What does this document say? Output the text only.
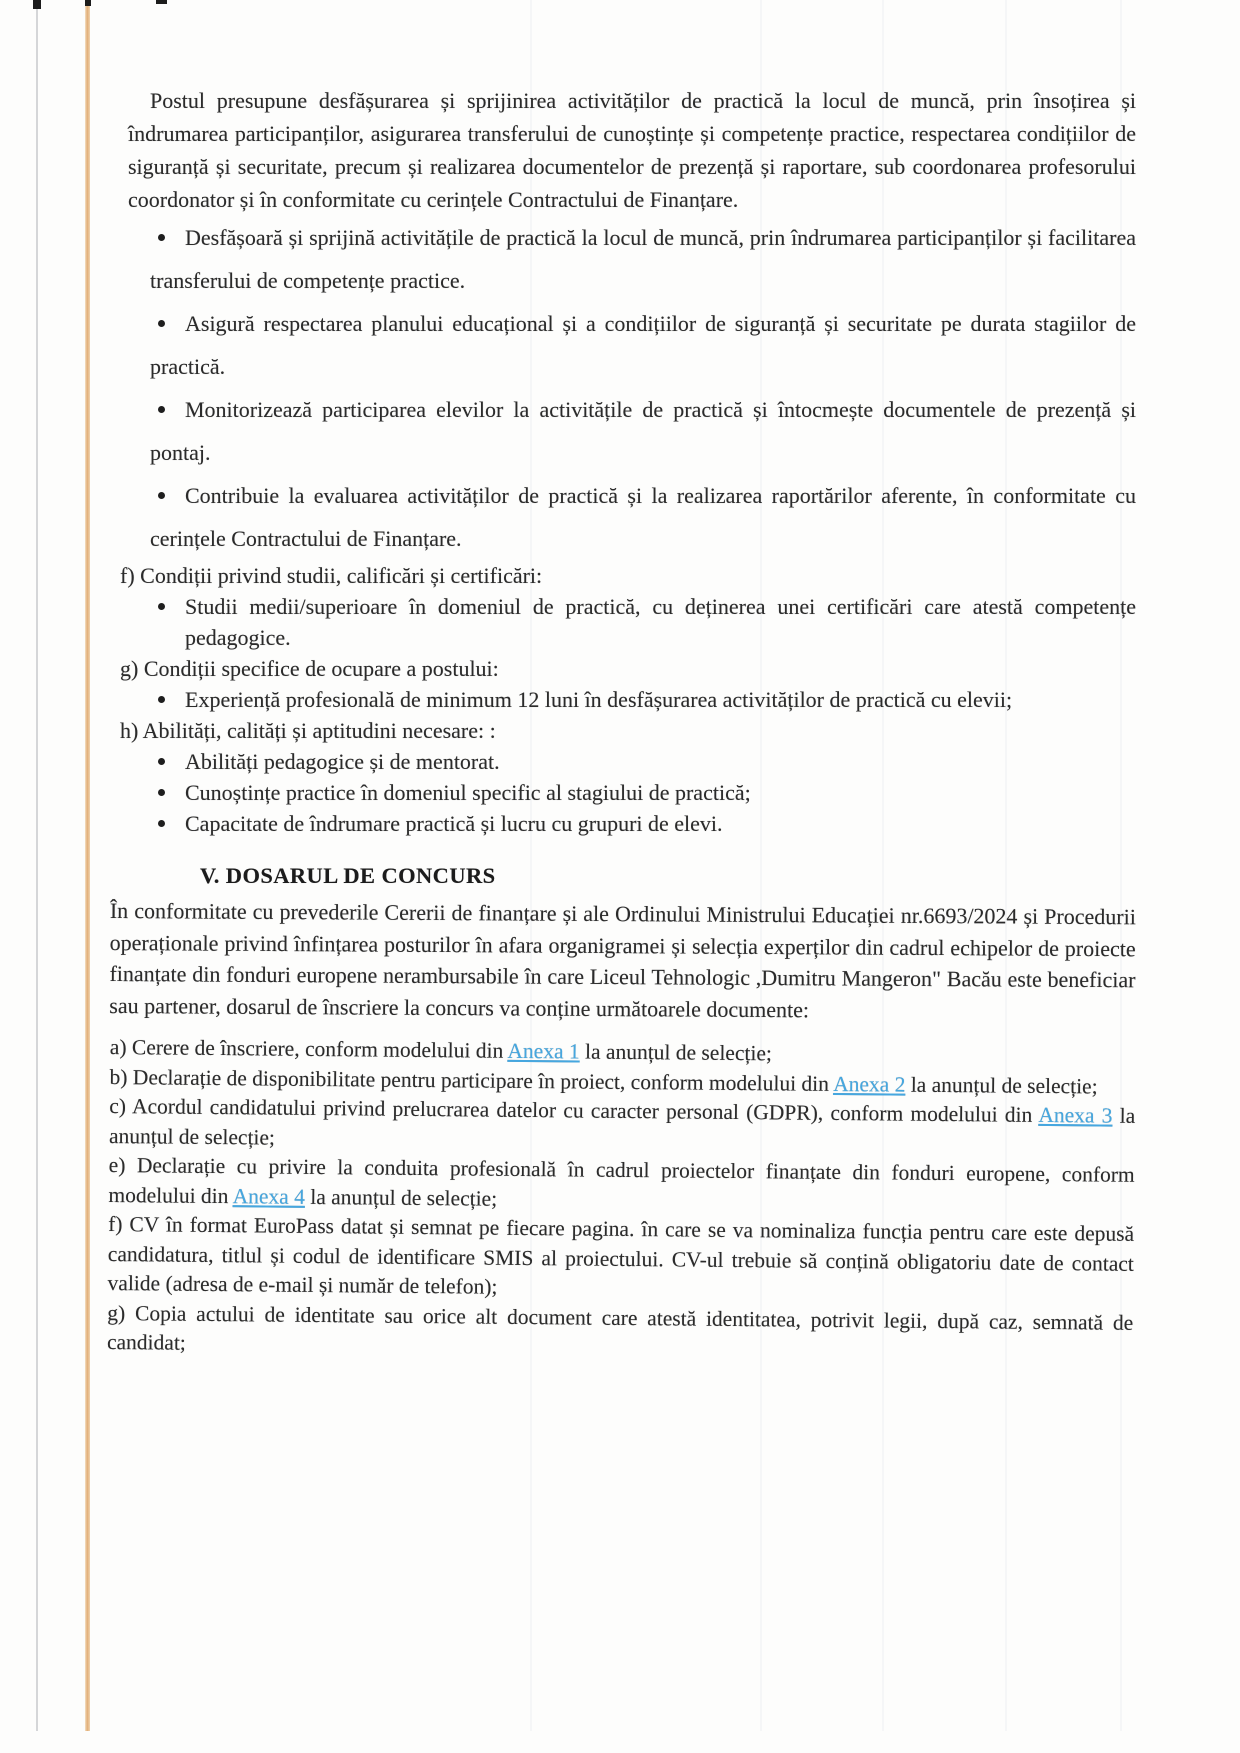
Postul presupune desfășurarea și sprijinirea activităților de practică la locul de muncă, prin însoțirea și îndrumarea participanților, asigurarea transferului de cunoștințe și competențe practice, respectarea condițiilor de siguranță și securitate, precum și realizarea documentelor de prezență și raportare, sub coordonarea profesorului coordonator și în conformitate cu cerințele Contractului de Finanțare.

Desfășoară și sprijină activitățile de practică la locul de muncă, prin îndrumarea participanților și facilitarea transferului de competențe practice.

Asigură respectarea planului educațional și a condițiilor de siguranță și securitate pe durata stagiilor de practică.

Monitorizează participarea elevilor la activitățile de practică și întocmește documentele de prezență și pontaj.

Contribuie la evaluarea activităților de practică și la realizarea raportărilor aferente, în conformitate cu cerințele Contractului de Finanțare.

f) Condiții privind studii, calificări și certificări:

Studii medii/superioare în domeniul de practică, cu deținerea unei certificări care atestă competențe pedagogice.

g) Condiții specifice de ocupare a postului:

Experiență profesională de minimum 12 luni în desfășurarea activităților de practică cu elevii;

h) Abilități, calități și aptitudini necesare: :

Abilități pedagogice și de mentorat.
Cunoștințe practice în domeniul specific al stagiului de practică;
Capacitate de îndrumare practică și lucru cu grupuri de elevi.

V. DOSARUL DE CONCURS

În conformitate cu prevederile Cererii de finanțare și ale Ordinului Ministrului Educației nr.6693/2024 și Procedurii operaționale privind înfințarea posturilor în afara organigramei și selecția experților din cadrul echipelor de proiecte finanțate din fonduri europene nerambursabile în care Liceul Tehnologic ,Dumitru Mangeron" Bacău este beneficiar sau partener, dosarul de înscriere la concurs va conține următoarele documente:

a) Cerere de înscriere, conform modelului din Anexa 1 la anunțul de selecție;

b) Declarație de disponibilitate pentru participare în proiect, conform modelului din Anexa 2 la anunțul de selecție;

c) Acordul candidatului privind prelucrarea datelor cu caracter personal (GDPR), conform modelului din Anexa 3 la anunțul de selecție;

e) Declarație cu privire la conduita profesională în cadrul proiectelor finanțate din fonduri europene, conform modelului din Anexa 4 la anunțul de selecție;

f) CV în format EuroPass datat și semnat pe fiecare pagina. în care se va nominaliza funcția pentru care este depusă candidatura, titlul și codul de identificare SMIS al proiectului. CV-ul trebuie să conțină obligatoriu date de contact valide (adresa de e-mail și număr de telefon);

g) Copia actului de identitate sau orice alt document care atestă identitatea, potrivit legii, după caz, semnată de candidat;
